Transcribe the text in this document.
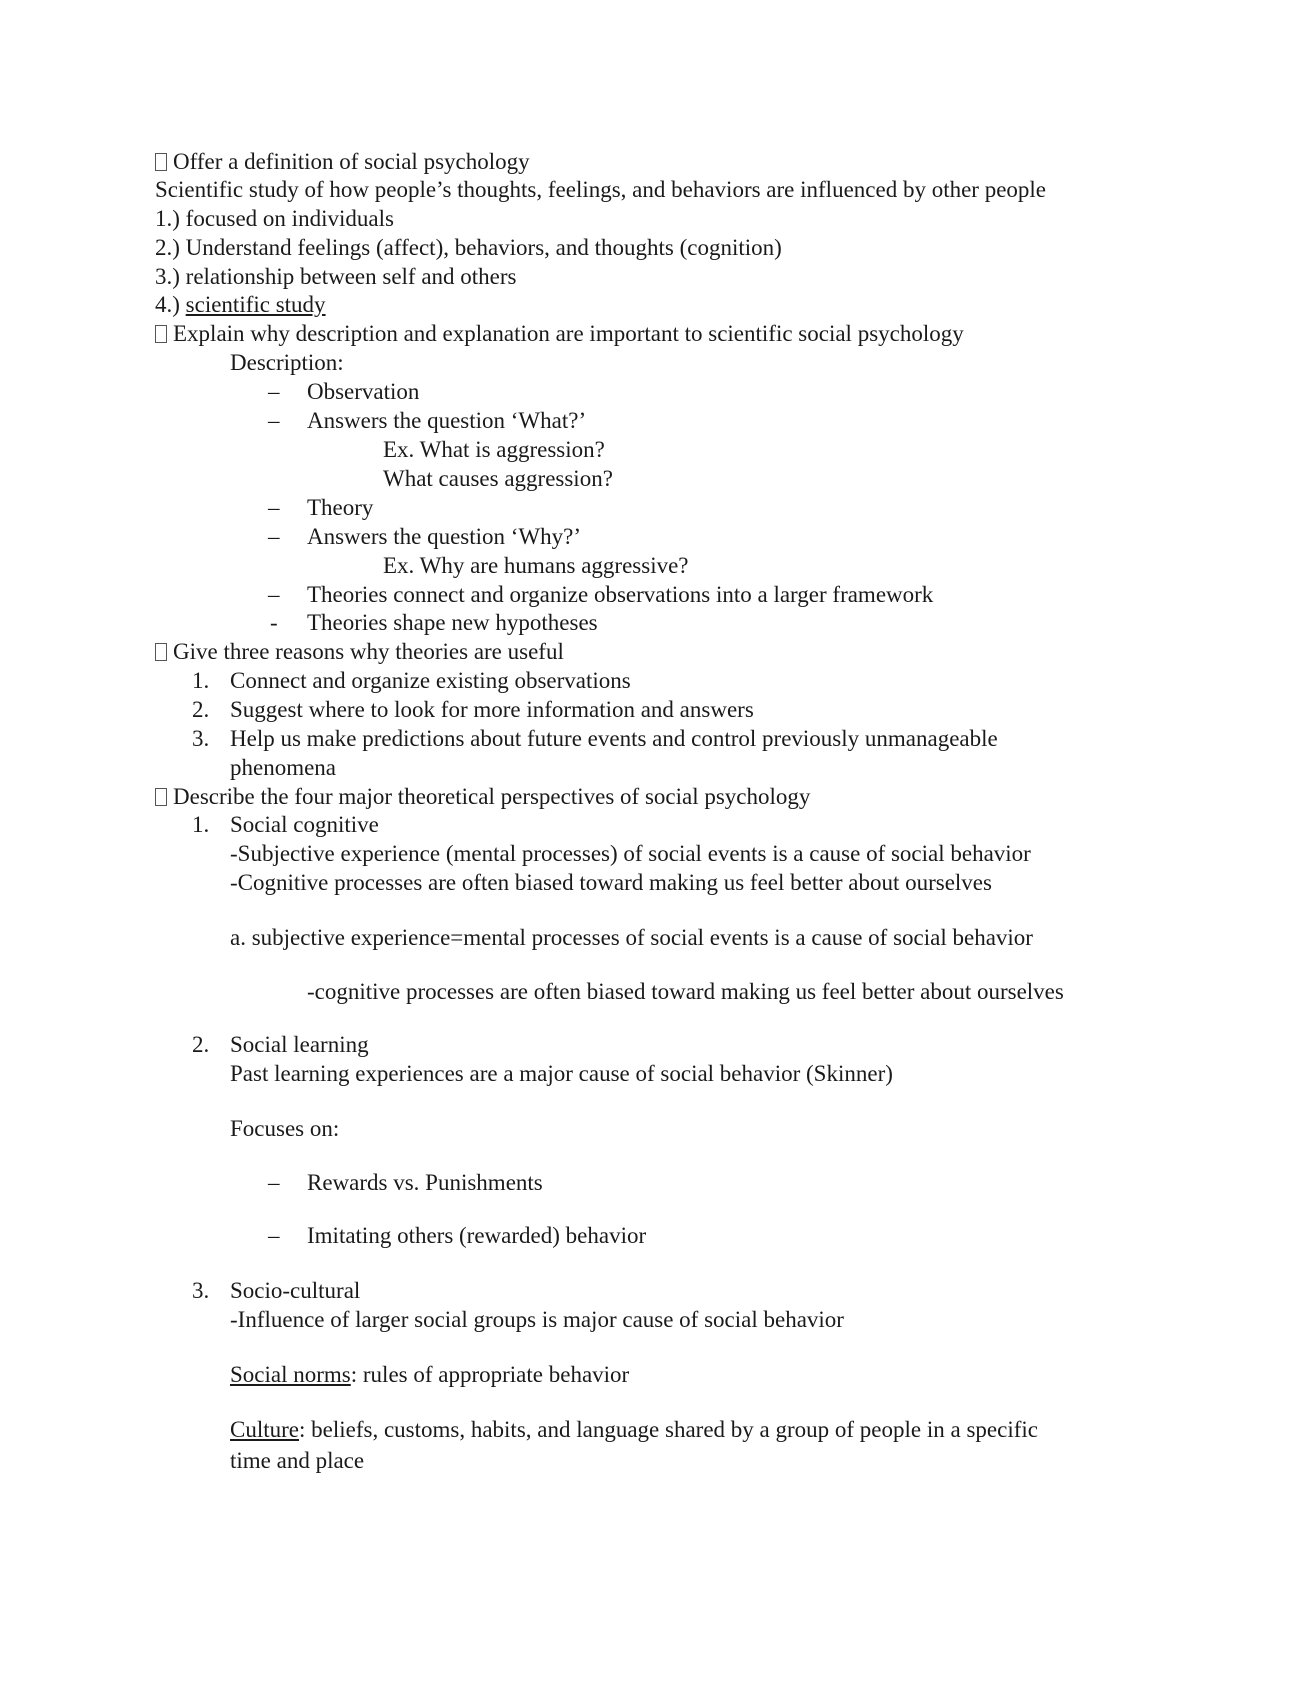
Offer a definition of social psychology
Scientific study of how people’s thoughts, feelings, and behaviors are influenced by other people
1.) focused on individuals
2.) Understand feelings (affect), behaviors, and thoughts (cognition)
3.) relationship between self and others
4.) scientific study
Explain why description and explanation are important to scientific social psychology
Description:
– Observation
– Answers the question ‘What?’
Ex. What is aggression?
What causes aggression?
– Theory
– Answers the question ‘Why?’
Ex. Why are humans aggressive?
– Theories connect and organize observations into a larger framework
- Theories shape new hypotheses
Give three reasons why theories are useful
1. Connect and organize existing observations
2. Suggest where to look for more information and answers
3. Help us make predictions about future events and control previously unmanageable
phenomena
Describe the four major theoretical perspectives of social psychology
1. Social cognitive
-Subjective experience (mental processes) of social events is a cause of social behavior
-Cognitive processes are often biased toward making us feel better about ourselves
a. subjective experience=mental processes of social events is a cause of social behavior
-cognitive processes are often biased toward making us feel better about ourselves
2. Social learning
Past learning experiences are a major cause of social behavior (Skinner)
Focuses on:
– Rewards vs. Punishments
– Imitating others (rewarded) behavior
3. Socio-cultural
-Influence of larger social groups is major cause of social behavior
Social norms: rules of appropriate behavior
Culture: beliefs, customs, habits, and language shared by a group of people in a specific
time and place
